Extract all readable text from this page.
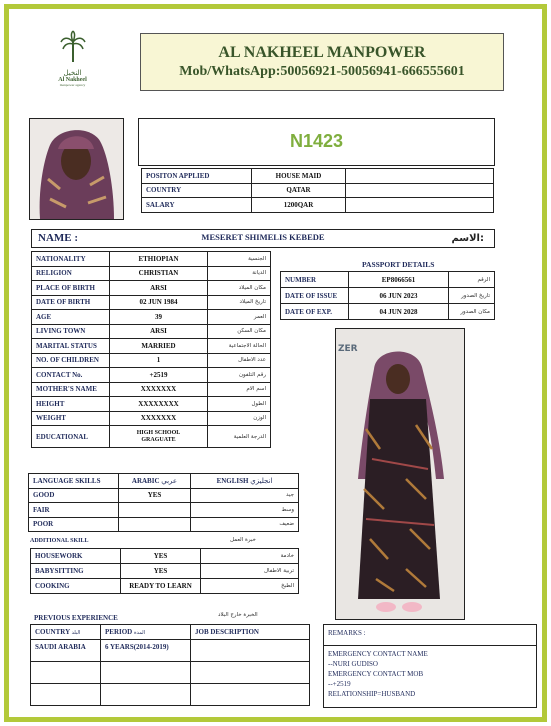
النخيل
Al Nakheel
manpower agency
AL NAKHEEL MANPOWER
Mob/WhatsApp:50056921-50056941-666555601
N1423
POSITON APPLIED	HOUSE MAID	
COUNTRY	QATAR	
SALARY	1200QAR	
NAME :	MESERET SHIMELIS KEBEDE	الاسم:
NATIONALITY	ETHIOPIAN	الجنسية
RELIGION	CHRISTIAN	الديانة
PLACE OF BIRTH	ARSI	مكان الميلاد
DATE OF BIRTH	02 JUN 1984	تاريخ الميلاد
AGE	39	العمر
LIVING TOWN	ARSI	مكان السكن
MARITAL STATUS	MARRIED	الحالة الاجتماعية
NO. OF CHILDREN	1	عدد الاطفال
CONTACT No.	+2519	رقم التلفون
MOTHER'S NAME	XXXXXXX	اسم الام
HEIGHT	XXXXXXXX	الطول
WEIGHT	XXXXXXX	الوزن
EDUCATIONAL	HIGH SCHOOL GRAGUATE	الدرجة العلمية
PASSPORT DETAILS
NUMBER	EP8066561	الرقم
DATE OF ISSUE	06 JUN 2023	تاريخ الصدور
DATE OF EXP.	04 JUN 2028	مكان الصدور
ZER
LANGUAGE SKILLS	ARABIC عربي	ENGLISH انجليزي
GOOD	YES	جيد
FAIR		وسط
POOR		ضعيف
ADDITIONAL SKILL	خبرة العمل
HOUSEWORK	YES	خادمة
BABYSITTING	YES	تربية الاطفال
COOKING	READY TO LEARN	الطبخ
PREVIOUS EXPERIENCE	الخبرة خارج البلاد
COUNTRY البلد	PERIOD المدة	JOB DESCRIPTION
SAUDI ARABIA	6 YEARS(2014-2019)	

REMARKS :
EMERGENCY CONTACT NAME
--NURI GUDISO
EMERGENCY CONTACT MOB
--+2519
RELATIONSHIP=HUSBAND
